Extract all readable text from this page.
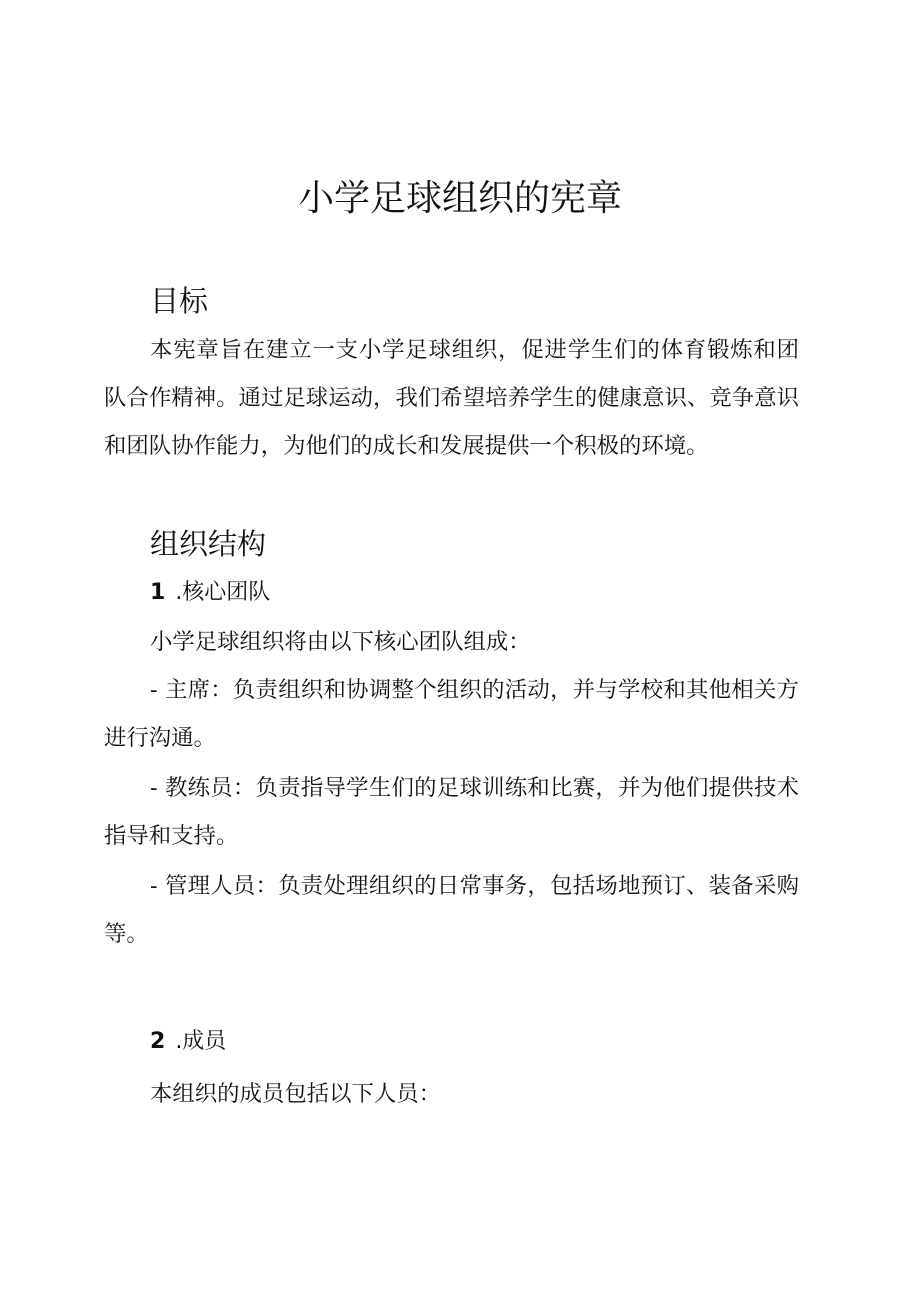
小学足球组织的宪章
目标

本宪章旨在建立一支小学足球组织，促进学生们的体育锻炼和团队合作精神。通过足球运动，我们希望培养学生的健康意识、竞争意识和团队协作能力，为他们的成长和发展提供一个积极的环境。

组织结构
1 .核心团队

小学足球组织将由以下核心团队组成：

- 主席：负责组织和协调整个组织的活动，并与学校和其他相关方进行沟通。

- 教练员：负责指导学生们的足球训练和比赛，并为他们提供技术指导和支持。

- 管理人员：负责处理组织的日常事务，包括场地预订、装备采购等。

2 .成员

本组织的成员包括以下人员：
